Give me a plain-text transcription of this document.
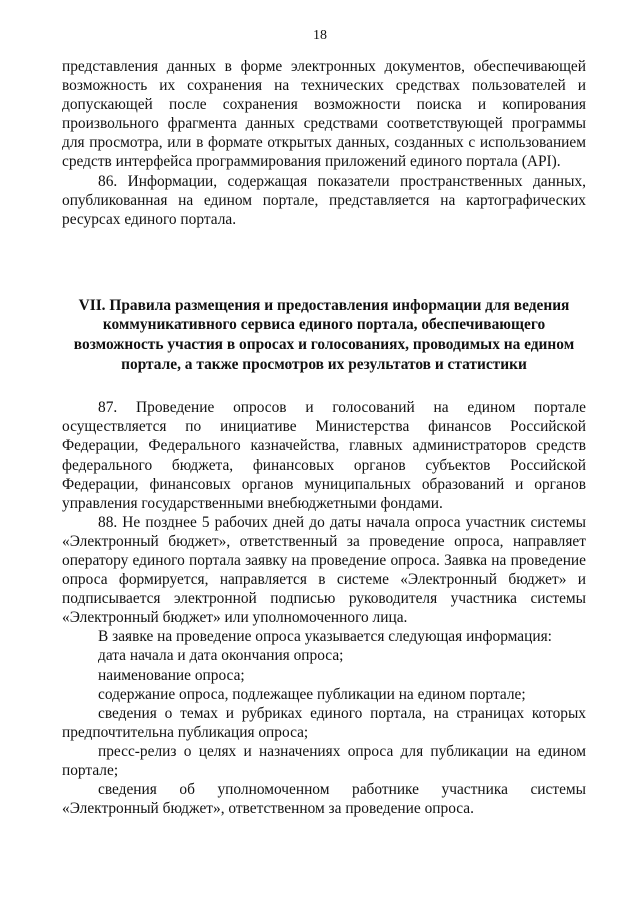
18

представления данных в форме электронных документов, обеспечивающей возможность их сохранения на технических средствах пользователей и допускающей после сохранения возможности поиска и копирования произвольного фрагмента данных средствами соответствующей программы для просмотра, или в формате открытых данных, созданных с использованием средств интерфейса программирования приложений единого портала (API).

86. Информации, содержащая показатели пространственных данных, опубликованная на едином портале, представляется на картографических ресурсах единого портала.

VII. Правила размещения и предоставления информации для ведения коммуникативного сервиса единого портала, обеспечивающего возможность участия в опросах и голосованиях, проводимых на едином портале, а также просмотров их результатов и статистики

87. Проведение опросов и голосований на едином портале осуществляется по инициативе Министерства финансов Российской Федерации, Федерального казначейства, главных администраторов средств федерального бюджета, финансовых органов субъектов Российской Федерации, финансовых органов муниципальных образований и органов управления государственными внебюджетными фондами.

88. Не позднее 5 рабочих дней до даты начала опроса участник системы «Электронный бюджет», ответственный за проведение опроса, направляет оператору единого портала заявку на проведение опроса. Заявка на проведение опроса формируется, направляется в системе «Электронный бюджет» и подписывается электронной подписью руководителя участника системы «Электронный бюджет» или уполномоченного лица.

В заявке на проведение опроса указывается следующая информация:

дата начала и дата окончания опроса;

наименование опроса;

содержание опроса, подлежащее публикации на едином портале;

сведения о темах и рубриках единого портала, на страницах которых предпочтительна публикация опроса;

пресс-релиз о целях и назначениях опроса для публикации на едином портале;

сведения об уполномоченном работнике участника системы «Электронный бюджет», ответственном за проведение опроса.
